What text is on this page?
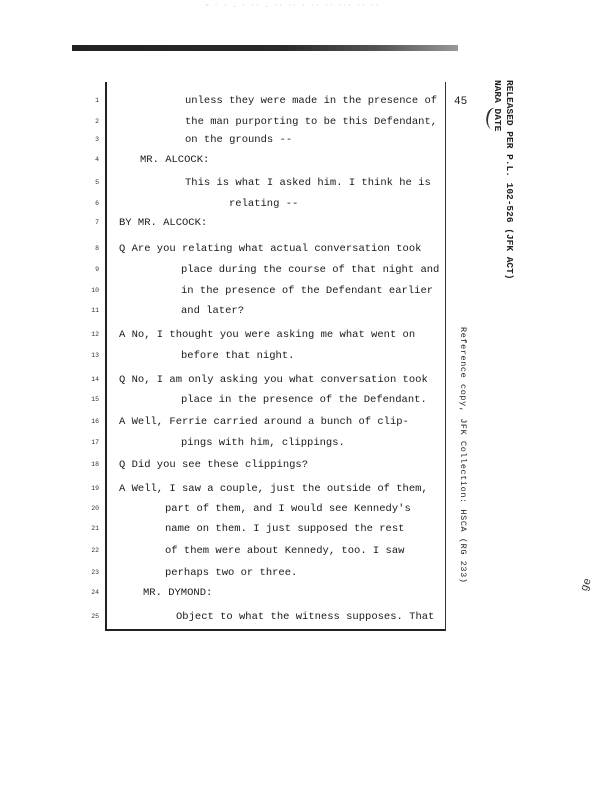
~ · · . · ·· . ·· ·· · ·· ·· ··· ·· ··
45	RELEASED PER P.L. 102-526 (JFK ACT)
NARA DATE
Reference copy, JFK Collection: HSCA (RG 233)
ge
1	unless they were made in the presence of
2	the man purporting to be this Defendant,
3	on the grounds --
4	MR. ALCOCK:
5	This is what I asked him. I think he is
6	relating --
7 BY MR. ALCOCK:
8 Q Are you relating what actual conversation took
9	place during the course of that night and
10	in the presence of the Defendant earlier
11	and later?
12 A No, I thought you were asking me what went on
13	before that night.
14 Q No, I am only asking you what conversation took
15	place in the presence of the Defendant.
16 A Well, Ferrie carried around a bunch of clip-
17	pings with him, clippings.
18 Q Did you see these clippings?
19 A Well, I saw a couple, just the outside of them,
20	part of them, and I would see Kennedy's
21	name on them. I just supposed the rest
22	of them were about Kennedy, too. I saw
23	perhaps two or three.
24	MR. DYMOND:
25	Object to what the witness supposes. That
